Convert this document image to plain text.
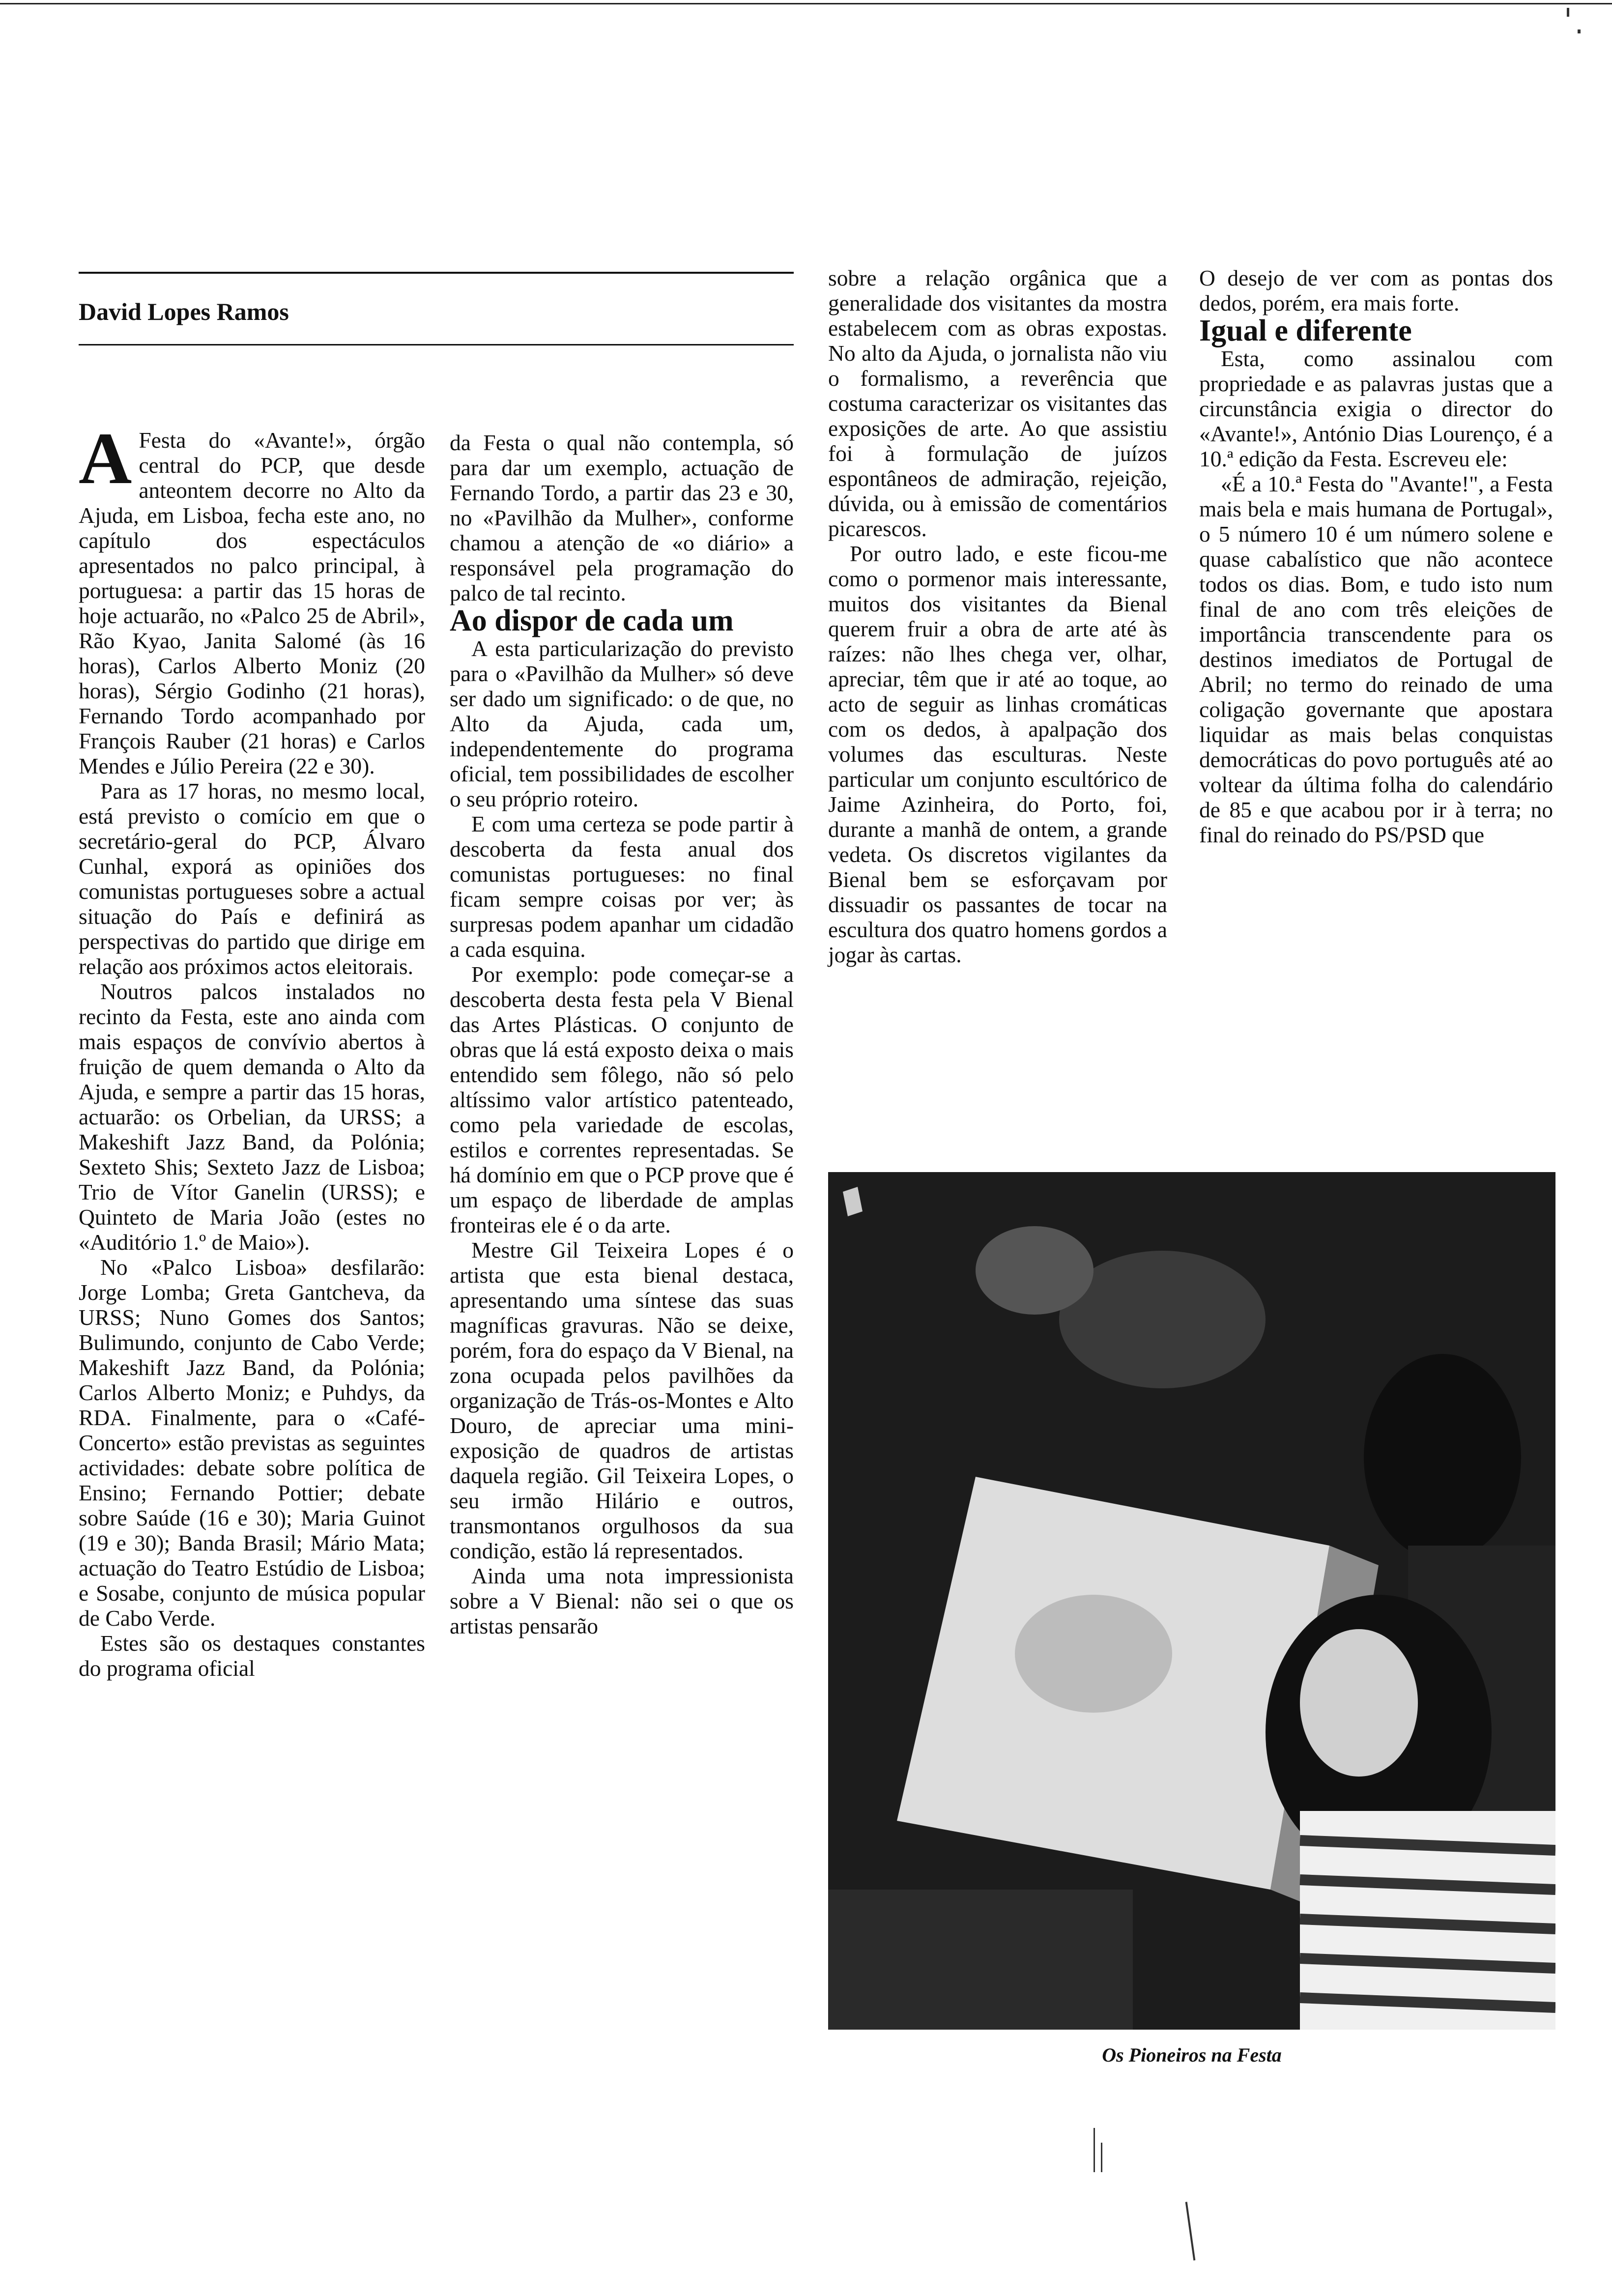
David Lopes Ramos

A Festa do «Avante!», órgão central do PCP, que desde anteontem decorre no Alto da Ajuda, em Lisboa, fecha este ano, no capítulo dos espectáculos apresentados no palco principal, à portuguesa: a partir das 15 horas de hoje actuarão, no «Palco 25 de Abril», Rão Kyao, Janita Salomé (às 16 horas), Carlos Alberto Moniz (20 horas), Sérgio Godinho (21 horas), Fernando Tordo acompanhado por François Rauber (21 horas) e Carlos Mendes e Júlio Pereira (22 e 30).

Para as 17 horas, no mesmo local, está previsto o comício em que o secretário-geral do PCP, Álvaro Cunhal, exporá as opiniões dos comunistas portugueses sobre a actual situação do País e definirá as perspectivas do partido que dirige em relação aos próximos actos eleitorais.

Noutros palcos instalados no recinto da Festa, este ano ainda com mais espaços de convívio abertos à fruição de quem demanda o Alto da Ajuda, e sempre a partir das 15 horas, actuarão: os Orbelian, da URSS; a Makeshift Jazz Band, da Polónia; Sexteto Shis; Sexteto Jazz de Lisboa; Trio de Vítor Ganelin (URSS); e Quinteto de Maria João (estes no «Auditório 1.º de Maio»).

No «Palco Lisboa» desfilarão: Jorge Lomba; Greta Gantcheva, da URSS; Nuno Gomes dos Santos; Bulimundo, conjunto de Cabo Verde; Makeshift Jazz Band, da Polónia; Carlos Alberto Moniz; e Puhdys, da RDA. Finalmente, para o «Café-Concerto» estão previstas as seguintes actividades: debate sobre política de Ensino; Fernando Pottier; debate sobre Saúde (16 e 30); Maria Guinot (19 e 30); Banda Brasil; Mário Mata; actuação do Teatro Estúdio de Lisboa; e Sosabe, conjunto de música popular de Cabo Verde.

Estes são os destaques constantes do programa oficial

da Festa o qual não contempla, só para dar um exemplo, actuação de Fernando Tordo, a partir das 23 e 30, no «Pavilhão da Mulher», conforme chamou a atenção de «o diário» a responsável pela programação do palco de tal recinto.

Ao dispor de cada um

A esta particularização do previsto para o «Pavilhão da Mulher» só deve ser dado um significado: o de que, no Alto da Ajuda, cada um, independentemente do programa oficial, tem possibilidades de escolher o seu próprio roteiro.

E com uma certeza se pode partir à descoberta da festa anual dos comunistas portugueses: no final ficam sempre coisas por ver; às surpresas podem apanhar um cidadão a cada esquina.

Por exemplo: pode começar-se a descoberta desta festa pela V Bienal das Artes Plásticas. O conjunto de obras que lá está exposto deixa o mais entendido sem fôlego, não só pelo altíssimo valor artístico patenteado, como pela variedade de escolas, estilos e correntes representadas. Se há domínio em que o PCP prove que é um espaço de liberdade de amplas fronteiras ele é o da arte.

Mestre Gil Teixeira Lopes é o artista que esta bienal destaca, apresentando uma síntese das suas magníficas gravuras. Não se deixe, porém, fora do espaço da V Bienal, na zona ocupada pelos pavilhões da organização de Trás-os-Montes e Alto Douro, de apreciar uma mini-exposição de quadros de artistas daquela região. Gil Teixeira Lopes, o seu irmão Hilário e outros, transmontanos orgulhosos da sua condição, estão lá representados.

Ainda uma nota impressionista sobre a V Bienal: não sei o que os artistas pensarão

sobre a relação orgânica que a generalidade dos visitantes da mostra estabelecem com as obras expostas. No alto da Ajuda, o jornalista não viu o formalismo, a reverência que costuma caracterizar os visitantes das exposições de arte. Ao que assistiu foi à formulação de juízos espontâneos de admiração, rejeição, dúvida, ou à emissão de comentários picarescos.

Por outro lado, e este ficou-me como o pormenor mais interessante, muitos dos visitantes da Bienal querem fruir a obra de arte até às raízes: não lhes chega ver, olhar, apreciar, têm que ir até ao toque, ao acto de seguir as linhas cromáticas com os dedos, à apalpação dos volumes das esculturas. Neste particular um conjunto escultórico de Jaime Azinheira, do Porto, foi, durante a manhã de ontem, a grande vedeta. Os discretos vigilantes da Bienal bem se esforçavam por dissuadir os passantes de tocar na escultura dos quatro homens gordos a jogar às cartas.

O desejo de ver com as pontas dos dedos, porém, era mais forte.

Igual e diferente

Esta, como assinalou com propriedade e as palavras justas que a circunstância exigia o director do «Avante!», António Dias Lourenço, é a 10.ª edição da Festa. Escreveu ele:

«É a 10.ª Festa do "Avante!", a Festa mais bela e mais humana de Portugal», o 5 número 10 é um número solene e quase cabalístico que não acontece todos os dias. Bom, e tudo isto num final de ano com três eleições de importância transcendente para os destinos imediatos de Portugal de Abril; no termo do reinado de uma coligação governante que apostara liquidar as mais belas conquistas democráticas do povo português até ao voltear da última folha do calendário de 85 e que acabou por ir à terra; no final do reinado do PS/PSD que

Os Pioneiros na Festa
